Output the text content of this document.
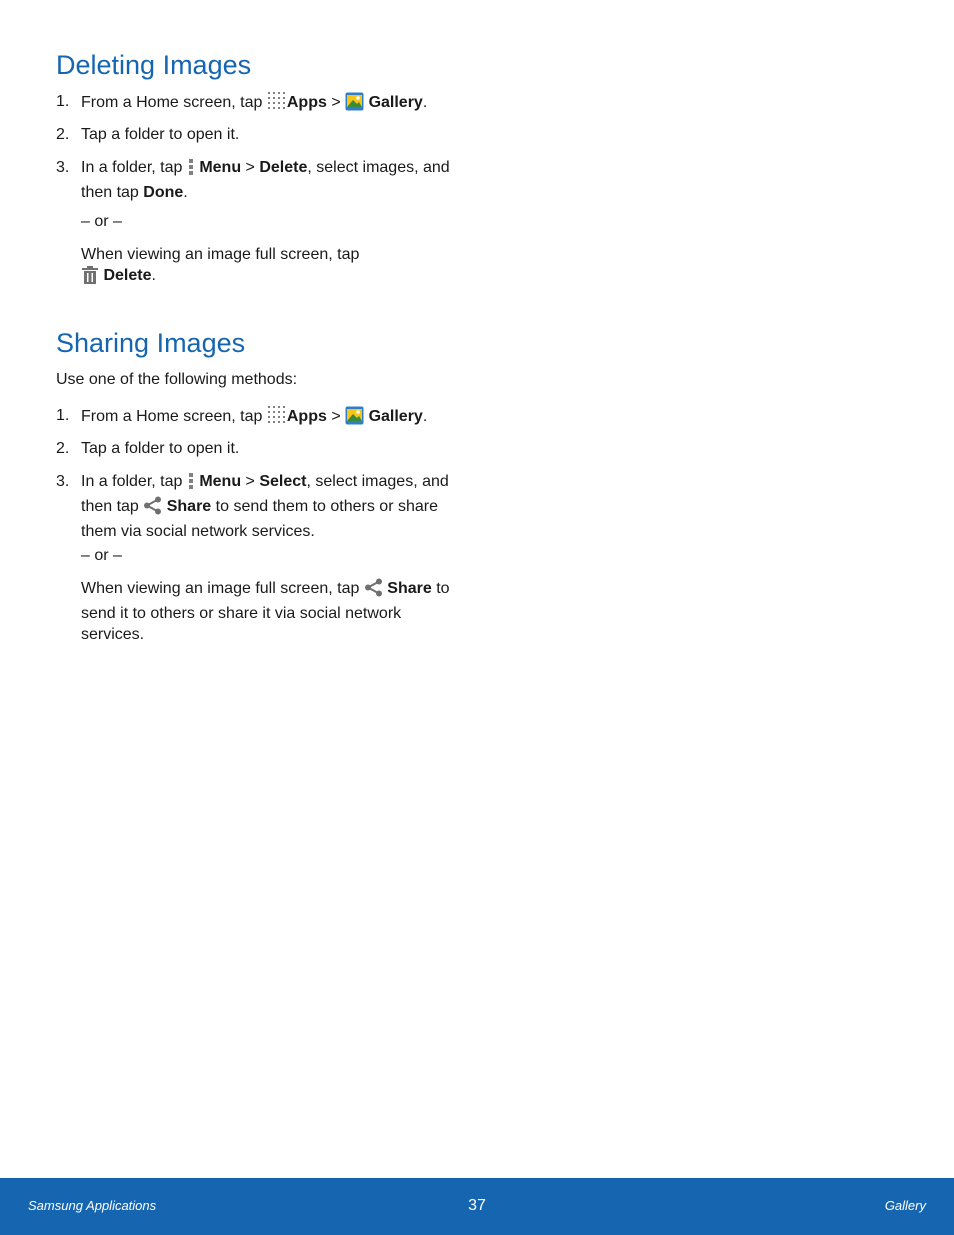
Deleting Images
1. From a Home screen, tap Apps > Gallery.
2. Tap a folder to open it.
3. In a folder, tap Menu > Delete, select images, and then tap Done.
– or –
When viewing an image full screen, tap
Delete.
Sharing Images

Use one of the following methods:

1. From a Home screen, tap Apps > Gallery.
2. Tap a folder to open it.
3. In a folder, tap Menu > Select, select images, and then tap Share to send them to others or share them via social network services.
– or –
When viewing an image full screen, tap Share to send it to others or share it via social network services.
Samsung Applications	37	Gallery
